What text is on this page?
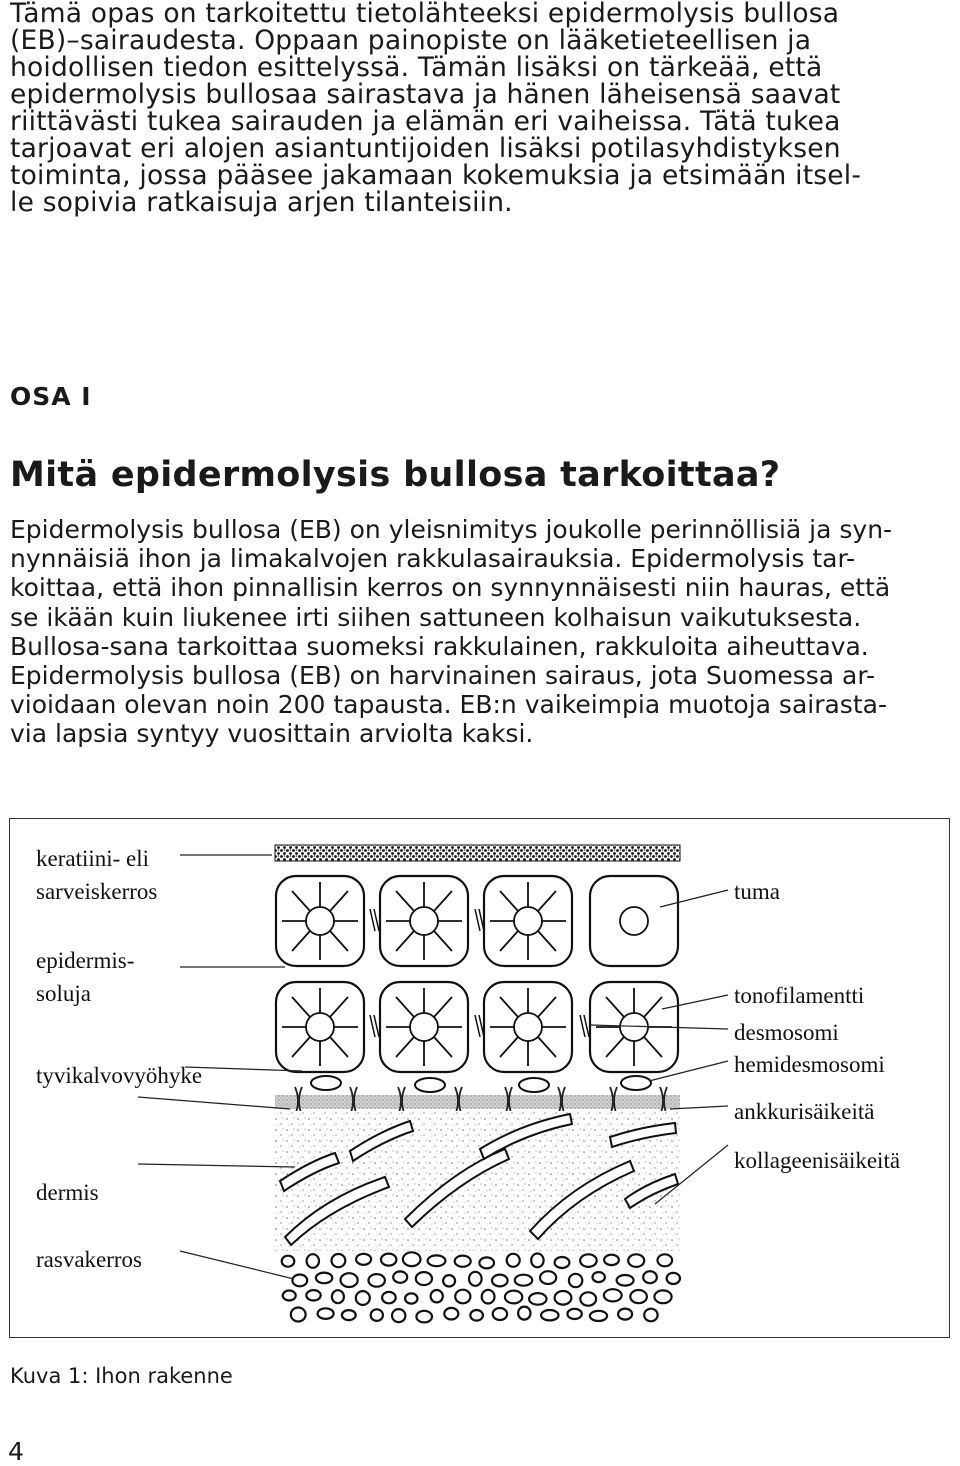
Tämä opas on tarkoitettu tietolähteeksi epidermolysis bullosa
(EB)–sairaudesta. Oppaan painopiste on lääketieteellisen ja
hoidollisen tiedon esittelyssä. Tämän lisäksi on tärkeää, että
epidermolysis bullosaa sairastava ja hänen läheisensä saavat
riittävästi tukea sairauden ja elämän eri vaiheissa. Tätä tukea
tarjoavat eri alojen asiantuntijoiden lisäksi potilasyhdistyksen
toiminta, jossa pääsee jakamaan kokemuksia ja etsimään itsel-
le sopivia ratkaisuja arjen tilanteisiin.

OSA I

Mitä epidermolysis bullosa tarkoittaa?

Epidermolysis bullosa (EB) on yleisnimitys joukolle perinnöllisiä ja syn-
nynnäisiä ihon ja limakalvojen rakkulasairauksia. Epidermolysis tar-
koittaa, että ihon pinnallisin kerros on synnynnäisesti niin hauras, että
se ikään kuin liukenee irti siihen sattuneen kolhaisun vaikutuksesta.
Bullosa-sana tarkoittaa suomeksi rakkulainen, rakkuloita aiheuttava.
Epidermolysis bullosa (EB) on harvinainen sairaus, jota Suomessa ar-
vioidaan olevan noin 200 tapausta. EB:n vaikeimpia muotoja sairasta-
via lapsia syntyy vuosittain arviolta kaksi.

keratiini- eli
sarveiskerros
epidermis-
soluja
tyvikalvovyöhyke
dermis
rasvakerros
tuma
tonofilamentti
desmosomi
hemidesmosomi
ankkurisäikeitä
kollageenisäikeitä

Kuva 1: Ihon rakenne

4
